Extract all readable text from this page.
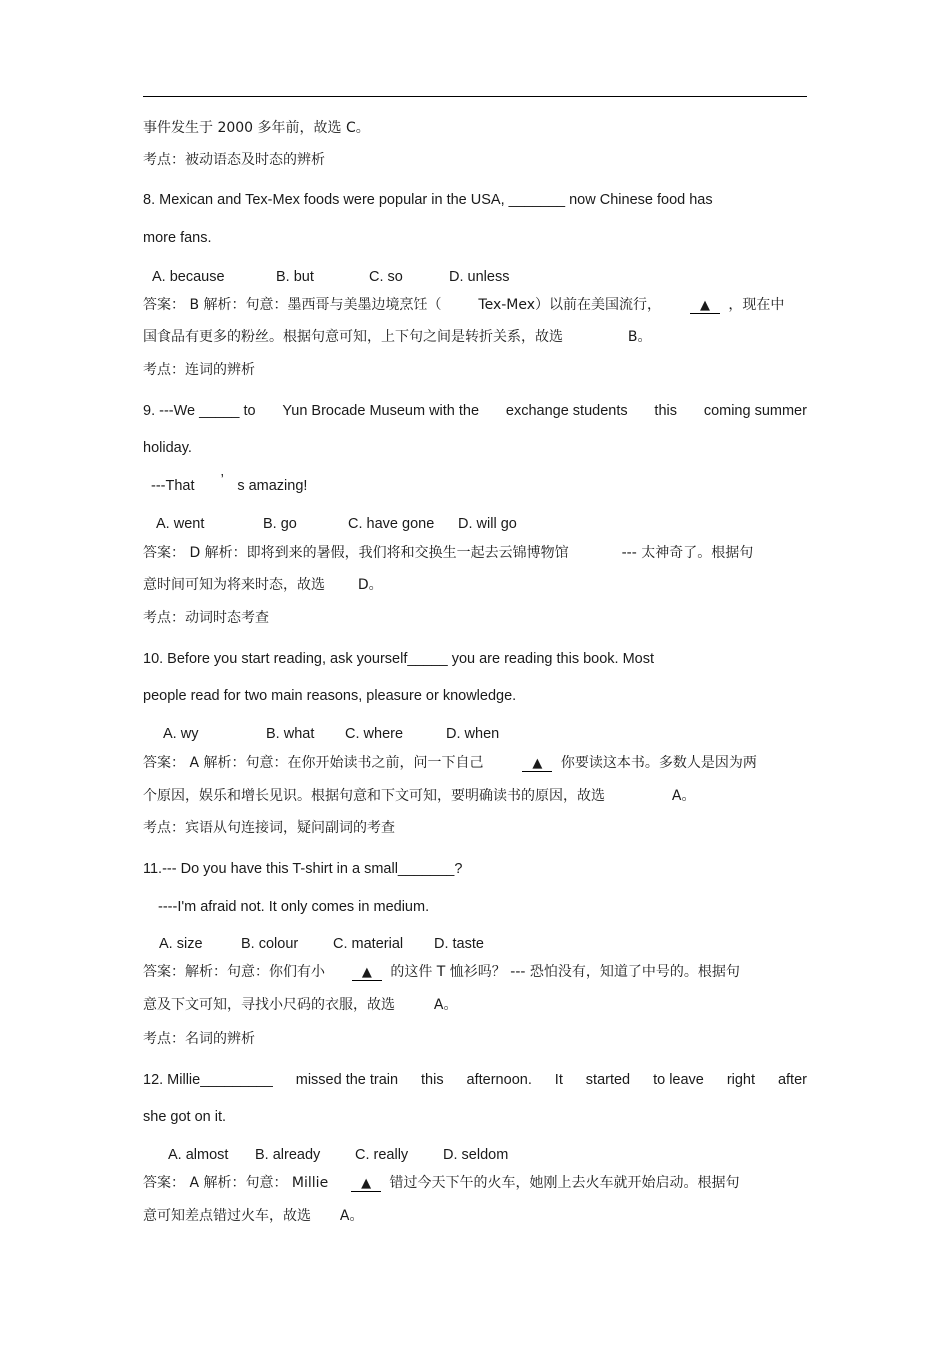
事件发生于 2000 多年前，故选 C。
考点：被动语态及时态的辨析
8. Mexican and Tex-Mex foods were popular in the USA, _______ now Chinese food has
more fans.
A. because	B. but	C. so	D. unless
答案： B 解析：句意：墨西哥与美墨边境烹饪（	Tex-Mex）以前在美国流行，	▲ ，现在中
国食品有更多的粉丝。根据句意可知，上下句之间是转折关系，故选	B。
考点：连词的辨析
9. ---We _____ to Yun Brocade Museum with the exchange students this coming summer
holiday.
---That ’ s amazing!
A. went	B. go	C. have gone D. will go
答案： D 解析：即将到来的暑假，我们将和交换生一起去云锦博物馆	--- 太神奇了。根据句
意时间可知为将来时态，故选 D。
考点：动词时态考查
10. Before you start reading, ask yourself_____ you are reading this book. Most
people read for two main reasons, pleasure or knowledge.
A. wy	B. what C. where	D. when
答案： A 解析：句意：在你开始读书之前，问一下自己	▲ 你要读这本书。多数人是因为两
个原因，娱乐和增长见识。根据句意和下文可知，要明确读书的原因，故选	A。
考点：宾语从句连接词，疑问副词的考查
11.--- Do you have this T-shirt in a small_______?
----I'm afraid not. It only comes in medium.
A. size	B. colour C. material D. taste
答案：解析：句意：你们有小	▲ 的这件 T 恤衫吗？ --- 恐怕没有，知道了中号的。根据句
意及下文可知，寻找小尺码的衣服，故选	A。
考点：名词的辨析
12. Millie_________ missed the train this afternoon. It started to leave right after
she got on it.
A. almost B. already C. really D. seldom
答案： A 解析：句意： Millie	▲ 错过今天下午的火车，她刚上去火车就开始启动。根据句
意可知差点错过火车，故选 A。
